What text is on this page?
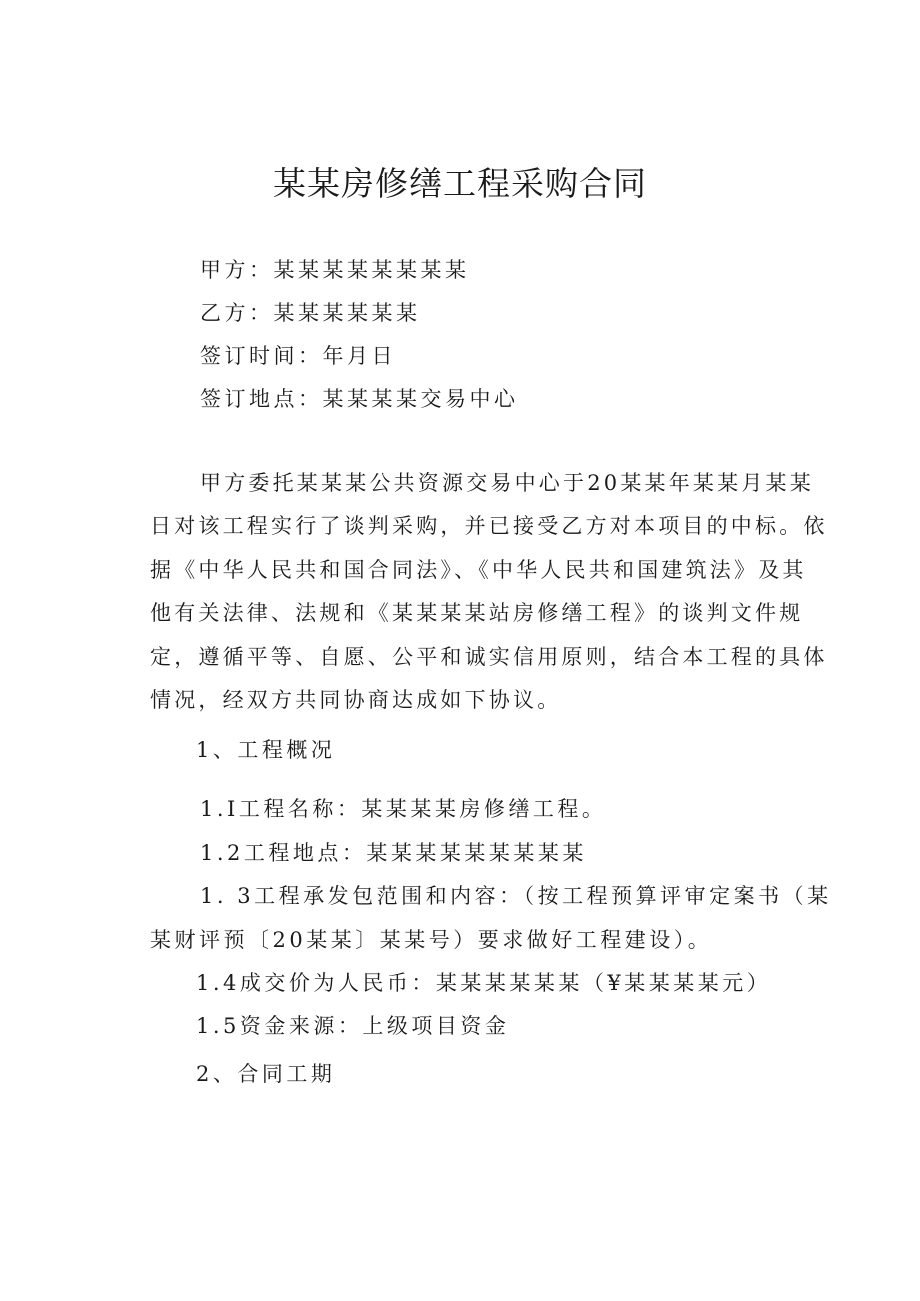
某某房修缮工程采购合同
甲方：某某某某某某某某
乙方：某某某某某某
签订时间：年月日
签订地点：某某某某交易中心
甲方委托某某某公共资源交易中心于20某某年某某月某某
日对该工程实行了谈判采购，并已接受乙方对本项目的中标。依
据《中华人民共和国合同法》、《中华人民共和国建筑法》及其
他有关法律、法规和《某某某某站房修缮工程》的谈判文件规
定，遵循平等、自愿、公平和诚实信用原则，结合本工程的具体
情况，经双方共同协商达成如下协议。
1、工程概况
1.I工程名称：某某某某房修缮工程。
1.2工程地点：某某某某某某某某某
1. 3工程承发包范围和内容：（按工程预算评审定案书（某
某财评预〔20某某〕某某号）要求做好工程建设）。
1.4成交价为人民币：某某某某某某（¥某某某某元）
1.5资金来源：上级项目资金
2、合同工期
